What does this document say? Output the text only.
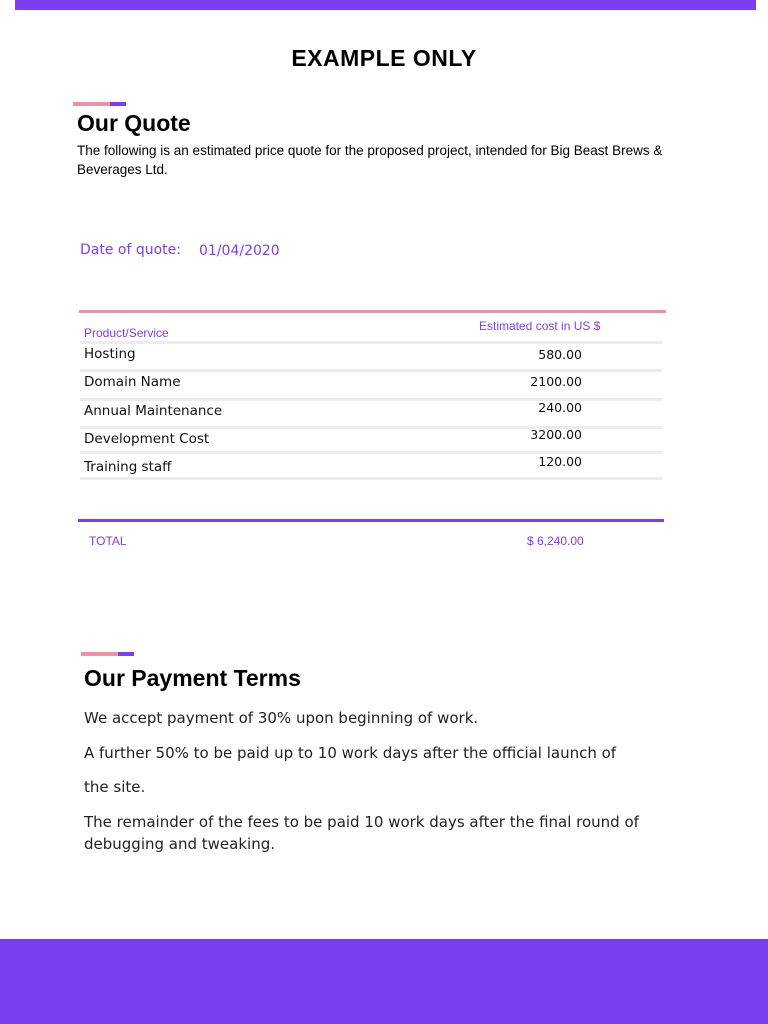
EXAMPLE ONLY
Our Quote
The following is an estimated price quote for the proposed project, intended for Big Beast Brews & Beverages Ltd.
Date of quote: 01/04/2020
Product/Service	Estimated cost in US $
Hosting	580.00
Domain Name	2100.00
Annual Maintenance	240.00
Development Cost	3200.00
Training staff	120.00
TOTAL	$ 6,240.00
Our Payment Terms
We accept payment of 30% upon beginning of work.
A further 50% to be paid up to 10 work days after the official launch of
the site.
The remainder of the fees to be paid 10 work days after the final round of debugging and tweaking.
